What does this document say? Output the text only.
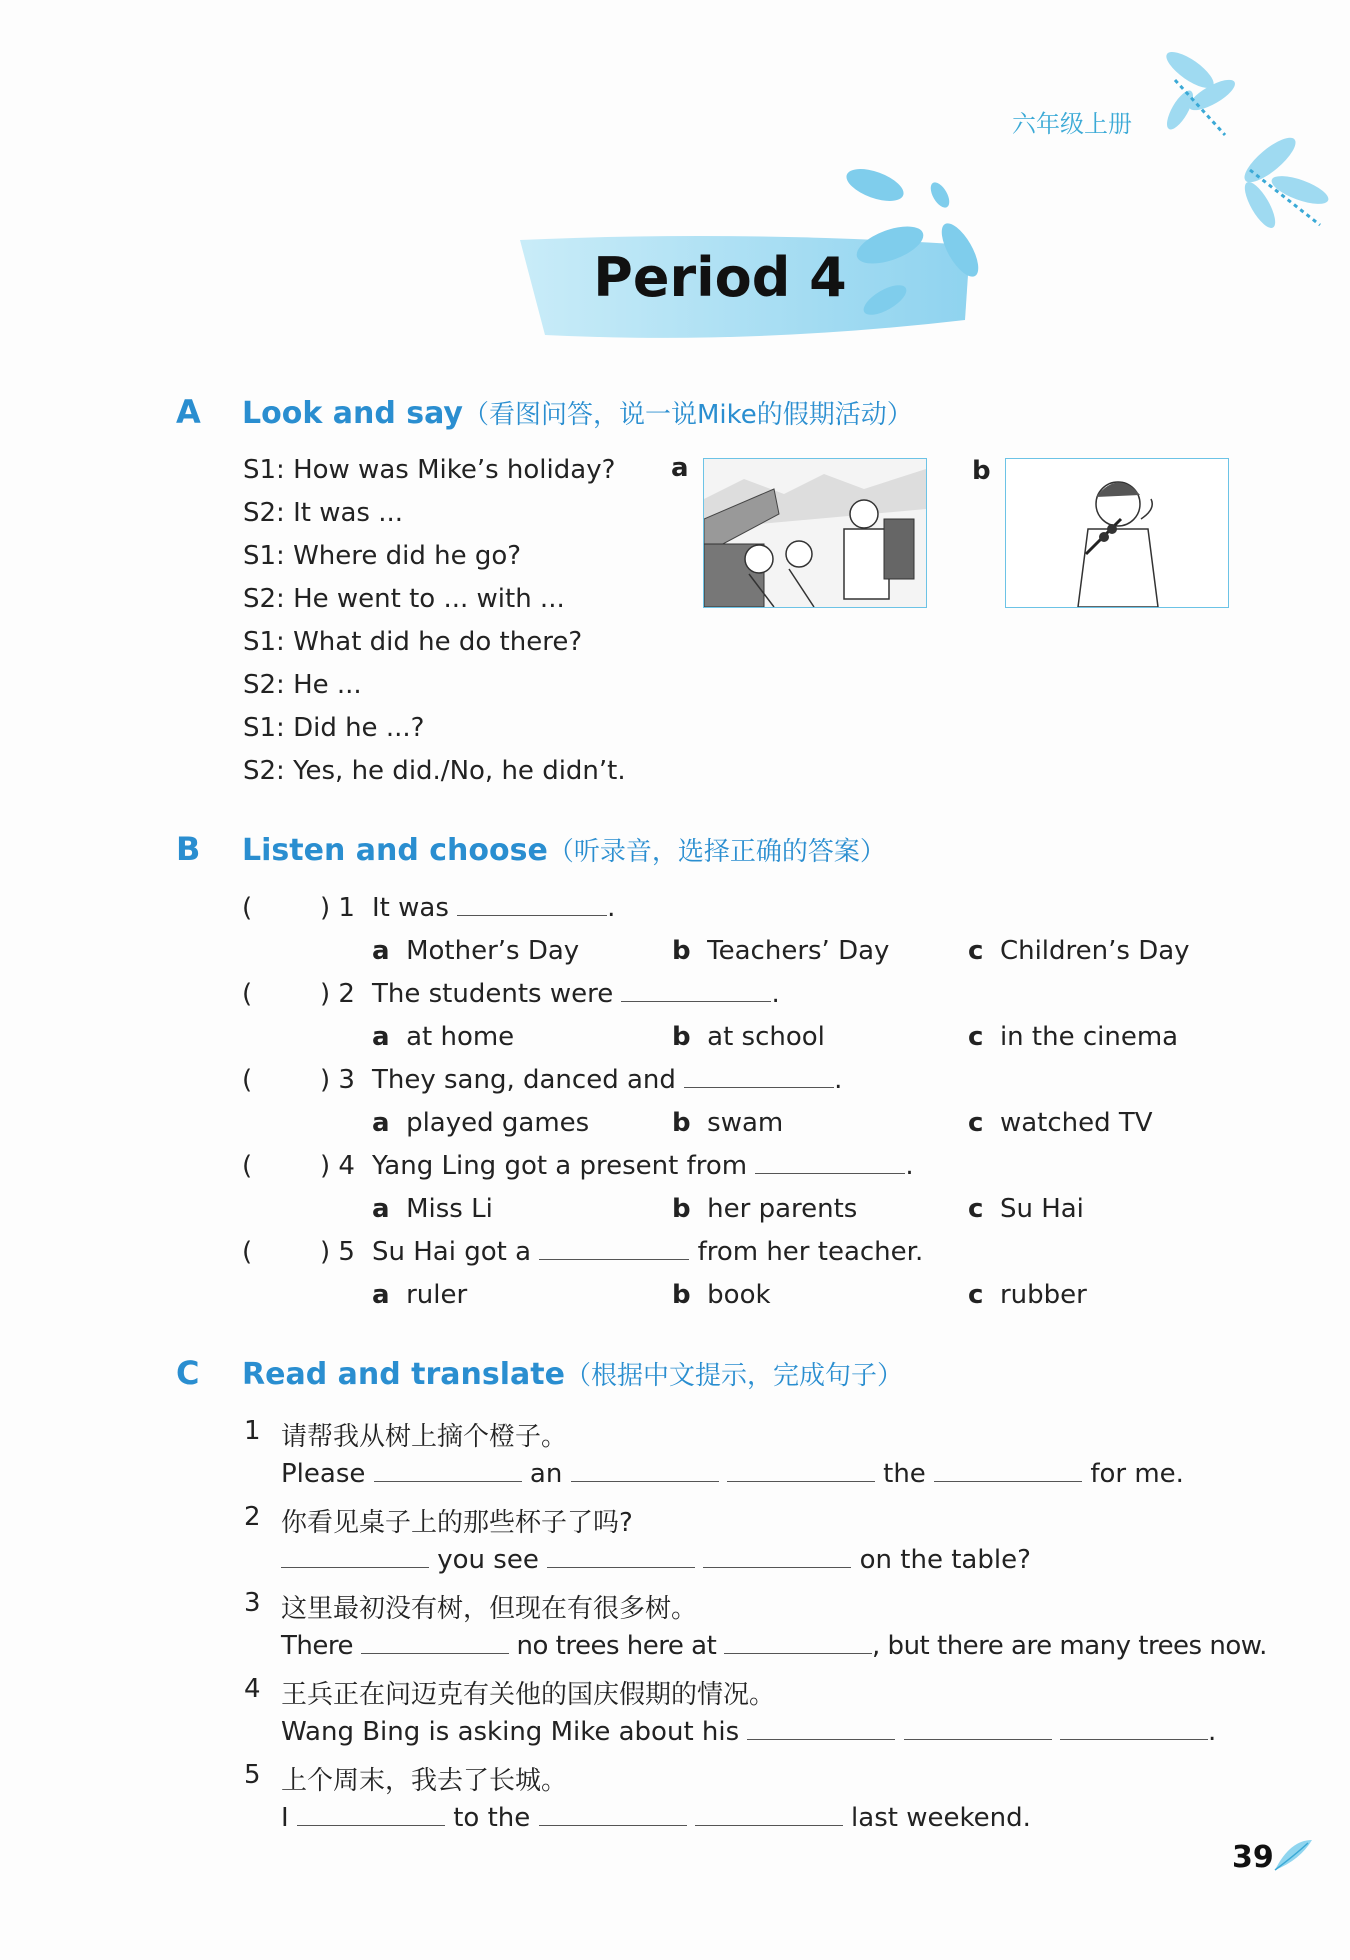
六年级上册
Period 4
A Look and say（看图问答，说一说Mike的假期活动）
S1: How was Mike’s holiday?
S2: It was ...
S1: Where did he go?
S2: He went to ... with ...
S1: What did he do there?
S2: He ...
S1: Did he ...?
S2: Yes, he did./No, he didn’t.
a	b
B Listen and choose（听录音，选择正确的答案）
(	) 1 It was	.
a Mother’s Day	b Teachers’ Day	c Children’s Day
(	) 2 The students were	.
a at home	b at school	c in the cinema
(	) 3 They sang, danced and	.
a played games	b swam	c watched TV
(	) 4 Yang Ling got a present from	.
a Miss Li	b her parents	c Su Hai
(	) 5 Su Hai got a	from her teacher.
a ruler	b book	c rubber
C Read and translate（根据中文提示，完成句子）
1 请帮我从树上摘个橙子。
Please	an	the	for me.
2 你看见桌子上的那些杯子了吗?
you see	on the table?
3 这里最初没有树，但现在有很多树。
There	no trees here at	, but there are many trees now.
4 王兵正在问迈克有关他的国庆假期的情况。
Wang Bing is asking Mike about his	.
5 上个周末，我去了长城。
I	to the	last weekend.
39
